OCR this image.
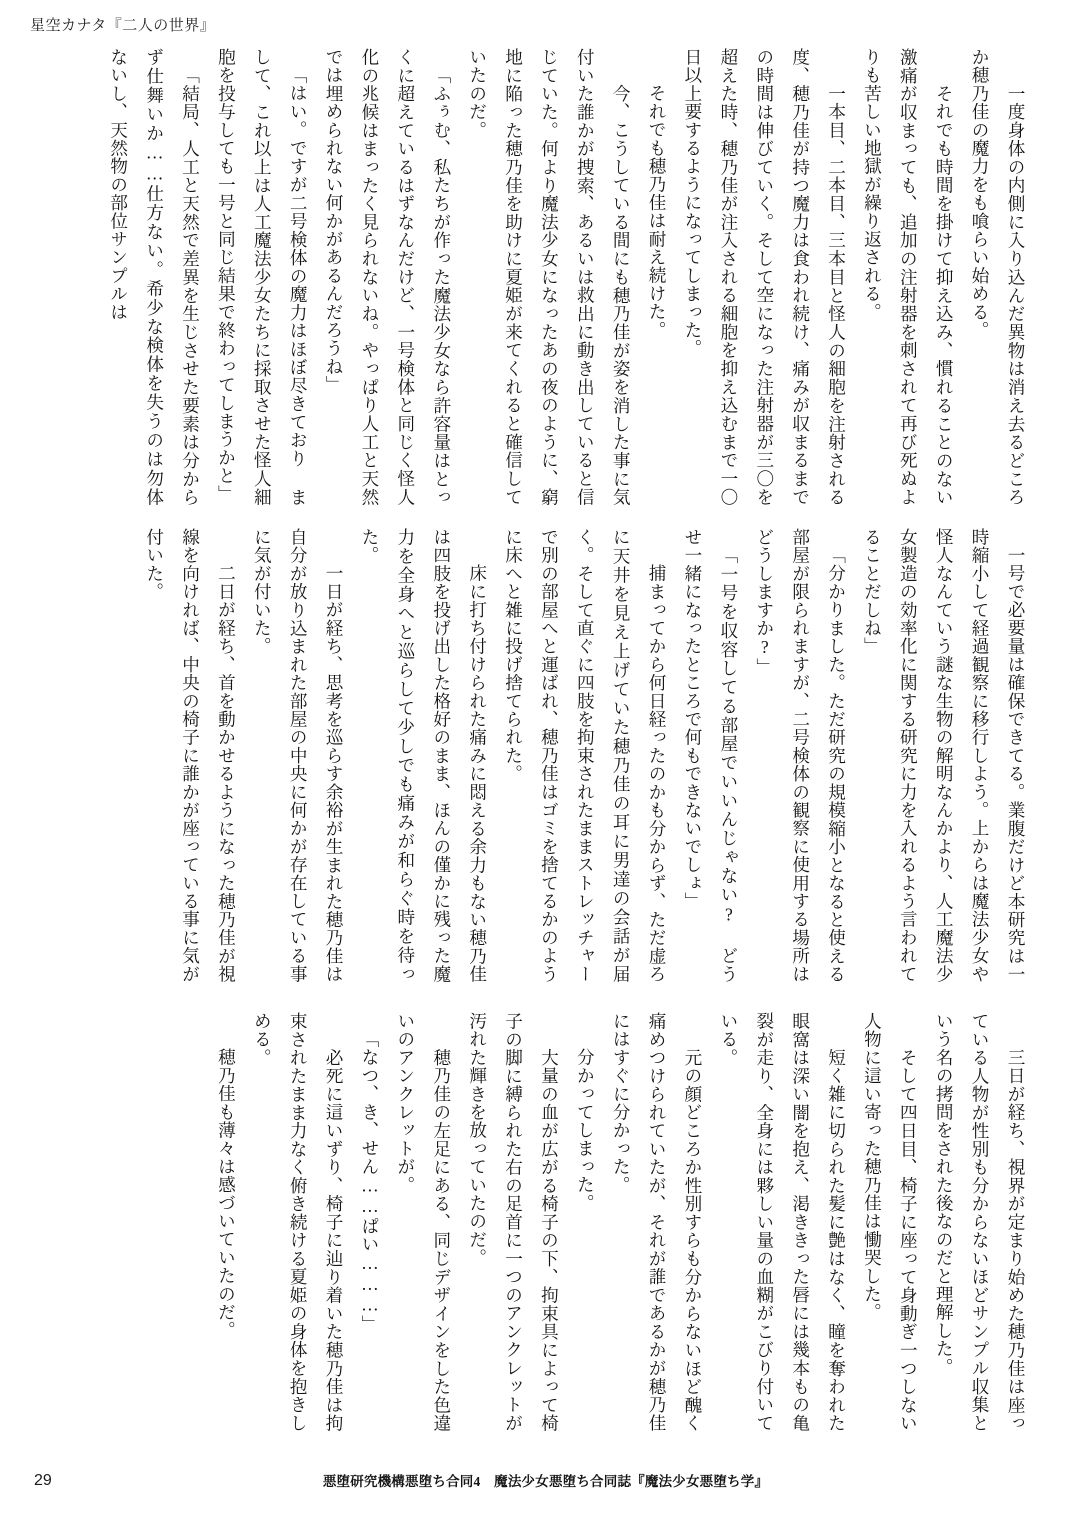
星空カナタ『二人の世界』

　一度身体の内側に入り込んだ異物は消え去るどころか穂乃佳の魔力をも喰らい始める。

　それでも時間を掛けて抑え込み、慣れることのない激痛が収まっても、追加の注射器を刺されて再び死ぬよりも苦しい地獄が繰り返される。

　一本目、二本目、三本目と怪人の細胞を注射される度、穂乃佳が持つ魔力は食われ続け、痛みが収まるまでの時間は伸びていく。そして空になった注射器が三〇を超えた時、穂乃佳が注入される細胞を抑え込むまで一〇日以上要するようになってしまった。

　それでも穂乃佳は耐え続けた。

　今、こうしている間にも穂乃佳が姿を消した事に気付いた誰かが捜索、あるいは救出に動き出していると信じていた。何より魔法少女になったあの夜のように、窮地に陥った穂乃佳を助けに夏姫が来てくれると確信していたのだ。

「ふぅむ、私たちが作った魔法少女なら許容量はとっくに超えているはずなんだけど、一号検体と同じく怪人化の兆候はまったく見られないね。やっぱり人工と天然では埋められない何かがあるんだろうね」

「はい。ですが二号検体の魔力はほぼ尽きており まして、これ以上は人工魔法少女たちに採取させた怪人細胞を投与しても一号と同じ結果で終わってしまうかと」

「結局、人工と天然で差異を生じさせた要素は分からず仕舞いか……仕方ない。希少な検体を失うのは勿体ないし、天然物の部位サンプルは

一号で必要量は確保できてる。業腹だけど本研究は一時縮小して経過観察に移行しよう。上からは魔法少女や怪人なんていう謎な生物の解明なんかより、人工魔法少女製造の効率化に関する研究に力を入れるよう言われてることだしね」

「分かりました。ただ研究の規模縮小となると使える部屋が限られますが、二号検体の観察に使用する場所はどうしますか?」

「一号を収容してる部屋でいいんじゃない? どうせ一緒になったところで何もできないでしょ」

　捕まってから何日経ったのかも分からず、ただ虚ろに天井を見え上げていた穂乃佳の耳に男達の会話が届く。そして直ぐに四肢を拘束されたままストレッチャーで別の部屋へと運ばれ、穂乃佳はゴミを捨てるかのように床へと雑に投げ捨てられた。

　床に打ち付けられた痛みに悶える余力もない穂乃佳は四肢を投げ出した格好のまま、ほんの僅かに残った魔力を全身へと巡らして少しでも痛みが和らぐ時を待った。

　一日が経ち、思考を巡らす余裕が生まれた穂乃佳は自分が放り込まれた部屋の中央に何かが存在している事に気が付いた。

　二日が経ち、首を動かせるようになった穂乃佳が視線を向ければ、中央の椅子に誰かが座っている事に気が付いた。

　三日が経ち、視界が定まり始めた穂乃佳は座っている人物が性別も分からないほどサンプル収集という名の拷問をされた後なのだと理解した。

　そして四日目、椅子に座って身動ぎ一つしない人物に這い寄った穂乃佳は慟哭した。

　短く雑に切られた髪に艶はなく、瞳を奪われた眼窩は深い闇を抱え、渇ききった唇には幾本もの亀裂が走り、全身には夥しい量の血糊がこびり付いている。

　元の顔どころか性別すらも分からないほど醜く痛めつけられていたが、それが誰であるかが穂乃佳にはすぐに分かった。

　分かってしまった。

　大量の血が広がる椅子の下、拘束具によって椅子の脚に縛られた右の足首に一つのアンクレットが汚れた輝きを放っていたのだ。

　穂乃佳の左足にある、同じデザインをした色違いのアンクレットが。

「なつ、き、せん……ぱい………」

　必死に這いずり、椅子に辿り着いた穂乃佳は拘束されたまま力なく俯き続ける夏姫の身体を抱きしめる。

　穂乃佳も薄々は感づいていたのだ。

29	悪堕研究機構悪堕ち合同4　魔法少女悪堕ち合同誌『魔法少女悪堕ち学』
